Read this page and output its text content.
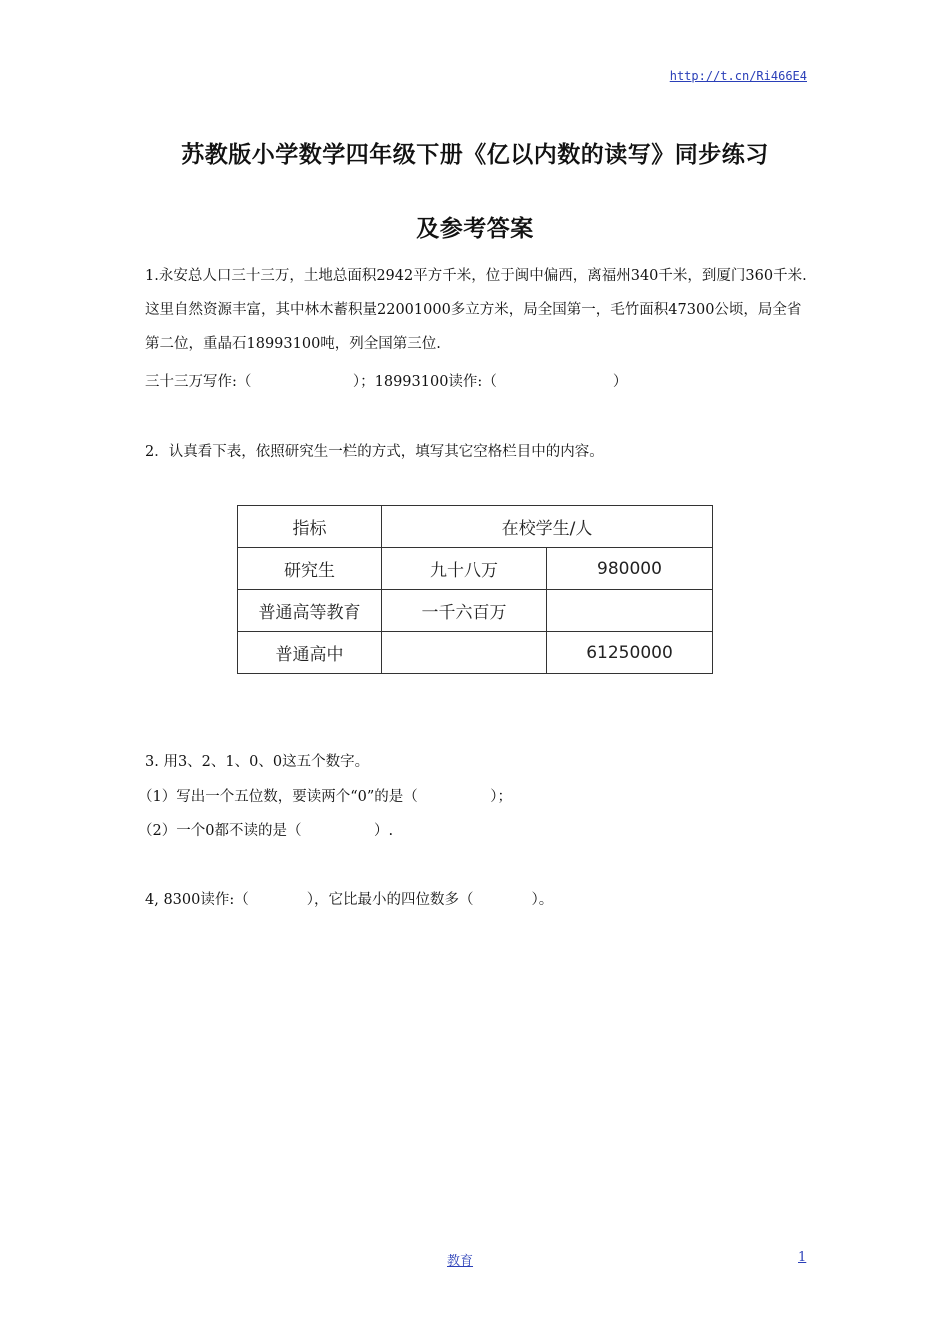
http://t.cn/Ri466E4
苏教版小学数学四年级下册《亿以内数的读写》同步练习
及参考答案
1.永安总人口三十三万，土地总面积2942平方千米，位于闽中偏西，离福州340千米，到厦门360千米.这里自然资源丰富，其中林木蓄积量22001000多立方米，局全国第一，毛竹面积47300公顷，局全省第二位，重晶石18993100吨，列全国第三位.
三十三万写作:（　　　　　　　）；18993100读作:（　　　　　　　　）
2．认真看下表，依照研究生一栏的方式，填写其它空格栏目中的内容。
指标	在校学生/人	
研究生	九十八万	980000
普通高等教育	一千六百万	
普通高中		61250000
3. 用3、2、1、0、0这五个数字。
（1）写出一个五位数，要读两个“0”的是（　　　　　）；
（2）一个0都不读的是（　　　　　）.
4, 8300读作:（　　　　），它比最小的四位数多（　　　　）。
教育	1
